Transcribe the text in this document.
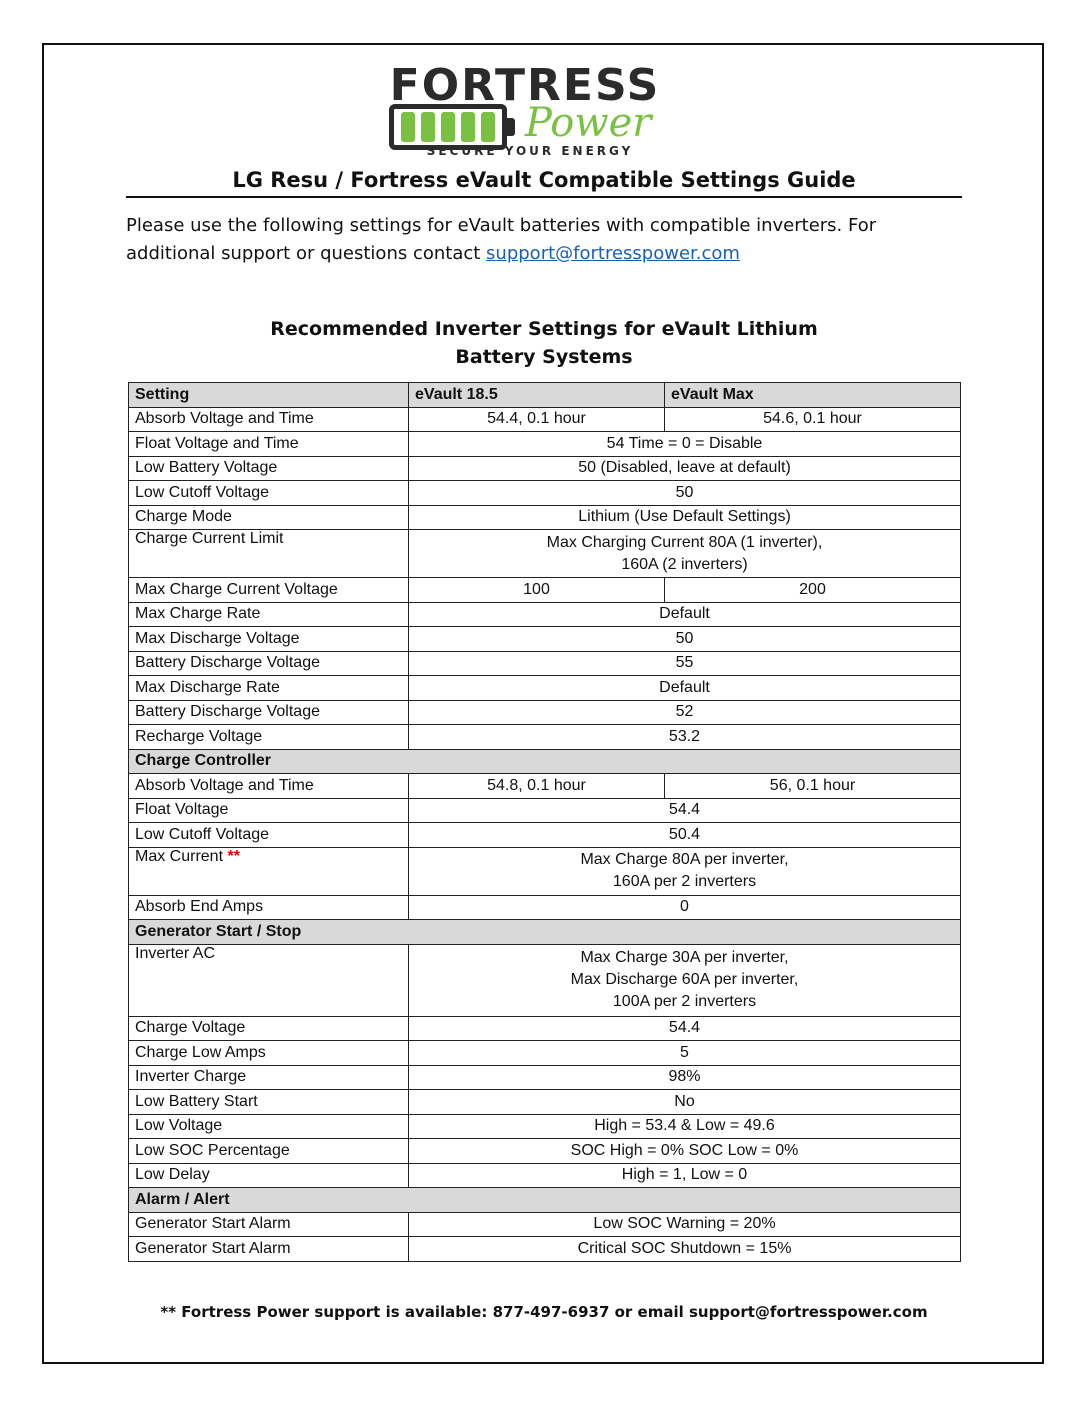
FORTRESS
Power
SECURE YOUR ENERGY
LG Resu / Fortress eVault Compatible Settings Guide
Please use the following settings for eVault batteries with compatible inverters. For additional support or questions contact support@fortresspower.com
Recommended Inverter Settings for eVault Lithium
Battery Systems
Setting	eVault 18.5	eVault Max
Absorb Voltage and Time	54.4, 0.1 hour	54.6, 0.1 hour
Float Voltage and Time	54 Time = 0 = Disable	
Low Battery Voltage	50 (Disabled, leave at default)	
Low Cutoff Voltage	50	
Charge Mode	Lithium (Use Default Settings)	
Charge Current Limit	Max Charging Current 80A (1 inverter),
160A (2 inverters)	

Max Charge Current Voltage	100	200
Max Charge Rate	Default	
Max Discharge Voltage	50	
Battery Discharge Voltage	55	
Max Discharge Rate	Default	
Battery Discharge Voltage	52	
Recharge Voltage	53.2	
Charge Controller		
Absorb Voltage and Time	54.8, 0.1 hour	56, 0.1 hour
Float Voltage	54.4	
Low Cutoff Voltage	50.4	
Max Current **	Max Charge 80A per inverter,
160A per 2 inverters	

Absorb End Amps	0	
Generator Start / Stop		
Inverter AC	Max Charge 30A per inverter,
Max Discharge 60A per inverter,
100A per 2 inverters	

Charge Voltage	54.4	
Charge Low Amps	5	
Inverter Charge	98%	
Low Battery Start	No	
Low Voltage	High = 53.4 & Low = 49.6	
Low SOC Percentage	SOC High = 0% SOC Low = 0%	
Low Delay	High = 1, Low = 0	
Alarm / Alert		
Generator Start Alarm	Low SOC Warning = 20%	
Generator Start Alarm	Critical SOC Shutdown = 15%	
** Fortress Power support is available: 877-497-6937 or email support@fortresspower.com
